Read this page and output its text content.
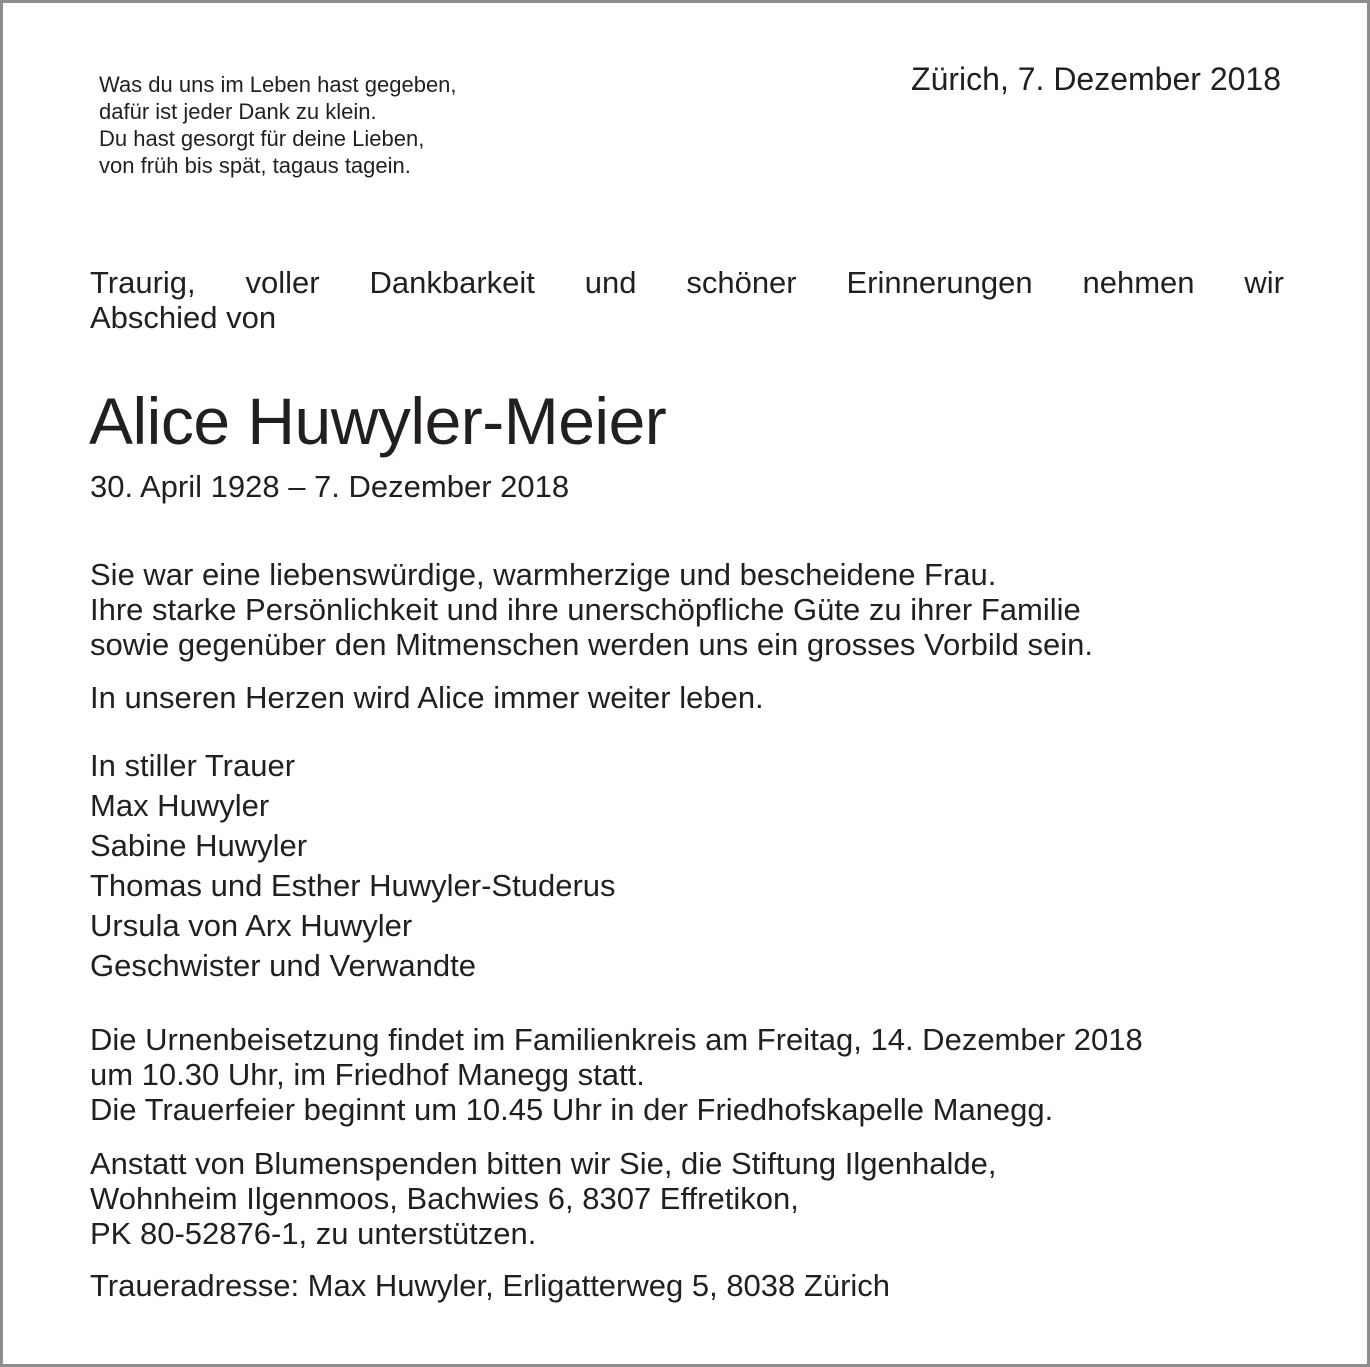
Was du uns im Leben hast gegeben,
dafür ist jeder Dank zu klein.
Du hast gesorgt für deine Lieben,
von früh bis spät, tagaus tagein.
Zürich, 7. Dezember 2018
Traurig, voller Dankbarkeit und schöner Erinnerungen nehmen wir
Abschied von
Alice Huwyler-Meier
30. April 1928 – 7. Dezember 2018
Sie war eine liebenswürdige, warmherzige und bescheidene Frau.
Ihre starke Persönlichkeit und ihre unerschöpfliche Güte zu ihrer Familie
sowie gegenüber den Mitmenschen werden uns ein grosses Vorbild sein.
In unseren Herzen wird Alice immer weiter leben.
In stiller Trauer
Max Huwyler
Sabine Huwyler
Thomas und Esther Huwyler-Studerus
Ursula von Arx Huwyler
Geschwister und Verwandte
Die Urnenbeisetzung findet im Familienkreis am Freitag, 14. Dezember 2018
um 10.30 Uhr, im Friedhof Manegg statt.
Die Trauerfeier beginnt um 10.45 Uhr in der Friedhofskapelle Manegg.
Anstatt von Blumenspenden bitten wir Sie, die Stiftung Ilgenhalde,
Wohnheim Ilgenmoos, Bachwies 6, 8307 Effretikon,
PK 80-52876-1, zu unterstützen.
Traueradresse: Max Huwyler, Erligatterweg 5, 8038 Zürich
